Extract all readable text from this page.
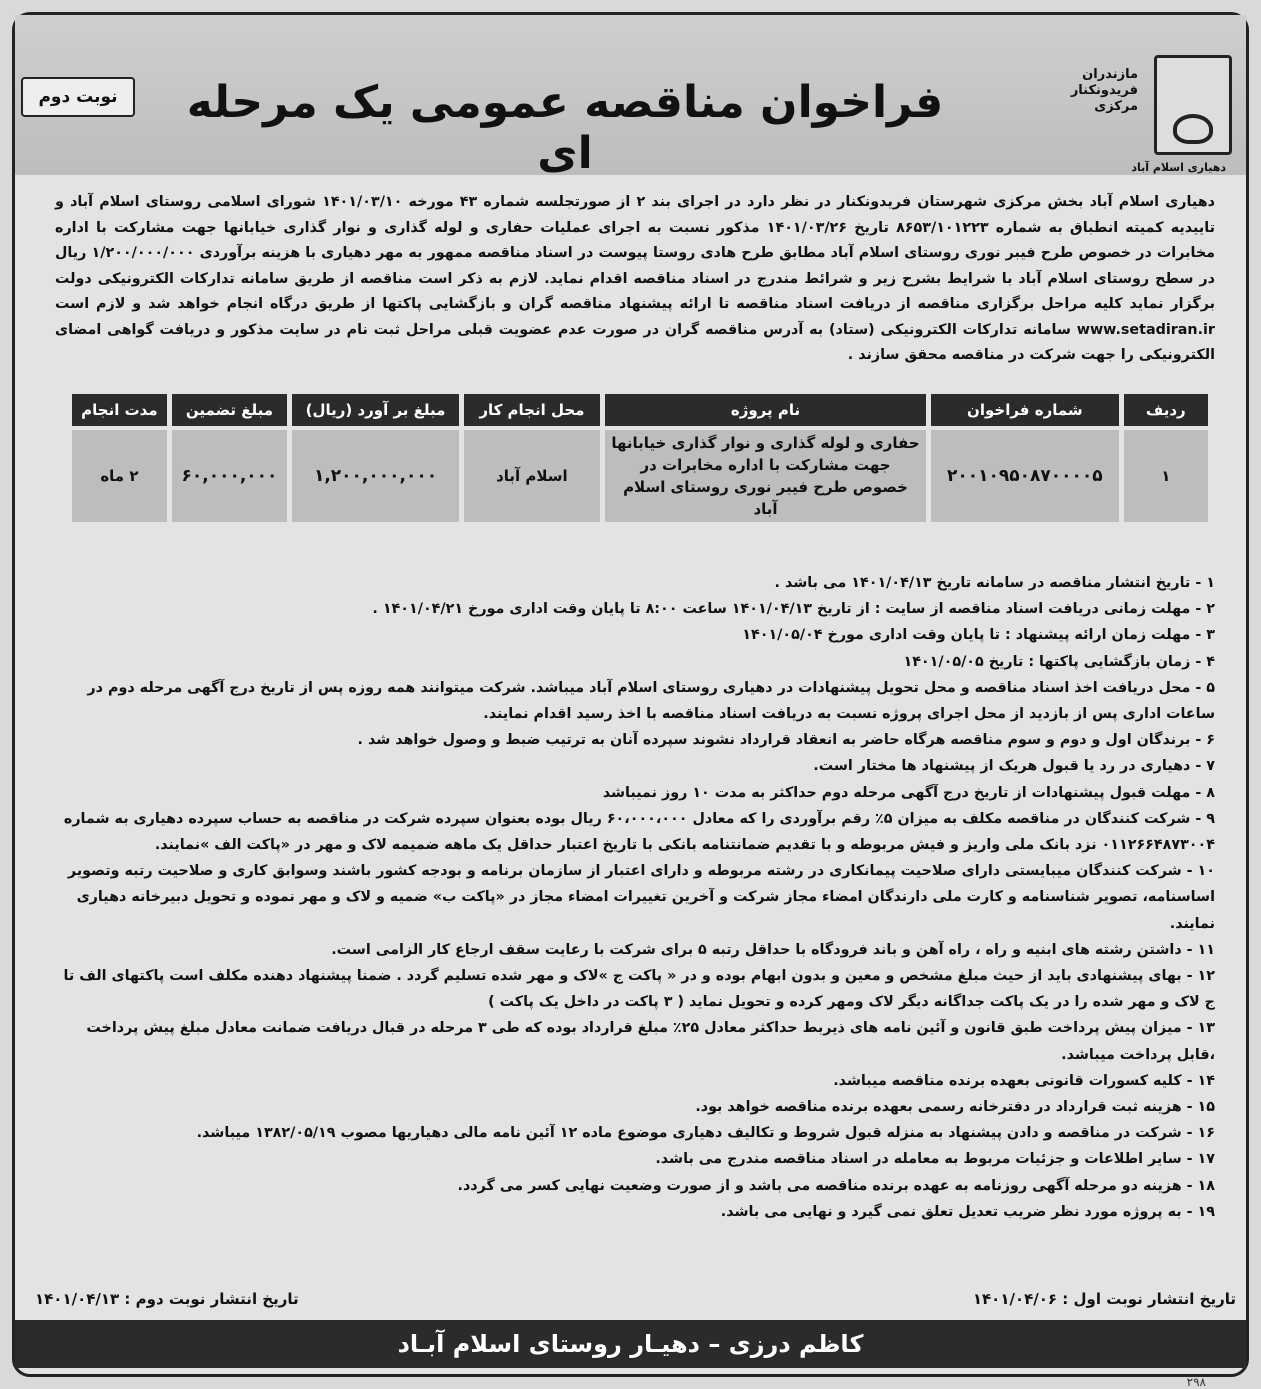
نوبت دوم	فراخوان مناقصه عمومی یک مرحله ای
مازندران
فریدونکنار
مرکزی
دهیاری اسلام آباد
دهیاری اسلام آباد بخش مرکزی شهرستان فریدونکنار در نظر دارد در اجرای بند ۲ از صورتجلسه شماره ۴۳ مورخه ۱۴۰۱/۰۳/۱۰ شورای اسلامی روستای اسلام آباد و تاییدیه کمیته انطباق به شماره ۸۶۵۳/۱۰۱۲۲۳ تاریخ ۱۴۰۱/۰۳/۲۶ مذکور نسبت به اجرای عملیات حفاری و لوله گذاری و نوار گذاری خیابانها جهت مشارکت با اداره مخابرات در خصوص طرح فیبر نوری روستای اسلام آباد مطابق طرح هادی روستا پیوست در اسناد مناقصه ممهور به مهر دهیاری با هزینه برآوردی ۱/۲۰۰/۰۰۰/۰۰۰ ریال در سطح روستای اسلام آباد با شرایط بشرح زیر و شرائط مندرج در اسناد مناقصه اقدام نماید. لازم به ذکر است مناقصه از طریق سامانه تدارکات الکترونیکی دولت برگزار نماید کلیه مراحل برگزاری مناقصه از دریافت اسناد مناقصه تا ارائه پیشنهاد مناقصه گران و بازگشایی پاکتها از طریق درگاه انجام خواهد شد و لازم است www.setadiran.ir سامانه تدارکات الکترونیکی (ستاد) به آدرس مناقصه گران در صورت عدم عضویت قبلی مراحل ثبت نام در سایت مذکور و دریافت گواهی امضای الکترونیکی را جهت شرکت در مناقصه محقق سازند .
ردیف	شماره فراخوان	نام پروژه	محل انجام کار	مبلغ بر آورد (ریال)	مبلغ تضمین	مدت انجام
۱	۲۰۰۱۰۹۵۰۸۷۰۰۰۰۵	حفاری و لوله گذاری و نوار گذاری خیابانها جهت مشارکت با اداره مخابرات در خصوص طرح فیبر نوری روستای اسلام آباد	اسلام آباد	۱,۲۰۰,۰۰۰,۰۰۰	۶۰,۰۰۰,۰۰۰	۲ ماه

۱ - تاریخ انتشار مناقصه در سامانه تاریخ ۱۴۰۱/۰۴/۱۳ می باشد .

۲ - مهلت زمانی دریافت اسناد مناقصه از سایت : از تاریخ ۱۴۰۱/۰۴/۱۳ ساعت ۸:۰۰ تا پایان وقت اداری مورخ ۱۴۰۱/۰۴/۲۱ .

۳ - مهلت زمان ارائه پیشنهاد : تا پایان وقت اداری مورخ ۱۴۰۱/۰۵/۰۴

۴ - زمان بازگشایی پاکتها : تاریخ ۱۴۰۱/۰۵/۰۵

۵ - محل دریافت اخذ اسناد مناقصه و محل تحویل پیشنهادات در دهیاری روستای اسلام آباد میباشد. شرکت میتوانند همه روزه پس از تاریخ درج آگهی مرحله دوم در ساعات اداری پس از بازدید از محل اجرای پروژه نسبت به دریافت اسناد مناقصه با اخذ رسید اقدام نمایند.

۶ - برندگان اول و دوم و سوم مناقصه هرگاه حاضر به انعقاد قرارداد نشوند سپرده آنان به ترتیب ضبط و وصول خواهد شد .

۷ - دهیاری در رد یا قبول هریک از پیشنهاد ها مختار است.

۸ - مهلت قبول پیشنهادات از تاریخ درج آگهی مرحله دوم حداکثر به مدت ۱۰ روز نمیباشد

۹ - شرکت کنندگان در مناقصه مکلف به میزان ۵٪ رقم برآوردی را که معادل ۶۰،۰۰۰،۰۰۰ ریال بوده بعنوان سپرده شرکت در مناقصه به حساب سپرده دهیاری به شماره ۰۱۱۲۶۶۴۸۷۳۰۰۴ نزد بانک ملی واریز و فیش مربوطه و با تقدیم ضمانتنامه بانکی با تاریخ اعتبار حداقل یک ماهه ضمیمه لاک و مهر در «پاکت الف »نمایند.

۱۰ - شرکت کنندگان میبایستی دارای صلاحیت پیمانکاری در رشته مربوطه و دارای اعتبار از سازمان برنامه و بودجه کشور باشند وسوابق کاری و صلاحیت رتبه وتصویر اساسنامه، تصویر شناسنامه و کارت ملی دارندگان امضاء مجاز شرکت و آخرین تغییرات امضاء مجاز در «پاکت ب» ضمیه و لاک و مهر نموده و تحویل دبیرخانه دهیاری نمایند.

۱۱ - داشتن رشته های ابنیه و راه ، راه آهن و باند فرودگاه با حداقل رتبه ۵ برای شرکت با رعایت سقف ارجاع کار الزامی است.

۱۲ - بهای پیشنهادی باید از حیث مبلغ مشخص و معین و بدون ابهام بوده و در « پاکت ج »لاک و مهر شده تسلیم گردد . ضمنا پیشنهاد دهنده مکلف است پاکتهای الف تا ج لاک و مهر شده را در یک پاکت جداگانه دیگر لاک ومهر کرده و تحویل نماید ( ۳ پاکت در داخل یک پاکت )

۱۳ - میزان پیش پرداخت طبق قانون و آئین نامه های ذیربط حداکثر معادل ۲۵٪ مبلغ قرارداد بوده که طی ۳ مرحله در قبال دریافت ضمانت معادل مبلغ پیش پرداخت ،قابل پرداخت میباشد.

۱۴ - کلیه کسورات قانونی بعهده برنده مناقصه میباشد.

۱۵ - هزینه ثبت قرارداد در دفترخانه رسمی بعهده برنده مناقصه خواهد بود.

۱۶ - شرکت در مناقصه و دادن پیشنهاد به منزله قبول شروط و تکالیف دهیاری موضوع ماده ۱۲ آئین نامه مالی دهیاریها مصوب ۱۳۸۲/۰۵/۱۹ میباشد.

۱۷ - سایر اطلاعات و جزئیات مربوط به معامله در اسناد مناقصه مندرج می باشد.

۱۸ - هزینه دو مرحله آگهی روزنامه به عهده برنده مناقصه می باشد و از صورت وضعیت نهایی کسر می گردد.

۱۹ - به پروژه مورد نظر ضریب تعدیل تعلق نمی گیرد و نهایی می باشد.

تاریخ انتشار نوبت اول : ۱۴۰۱/۰۴/۰۶
تاریخ انتشار نوبت دوم : ۱۴۰۱/۰۴/۱۳
کاظم درزی – دهیـار روستای اسلام آبـاد
۲۹۸
